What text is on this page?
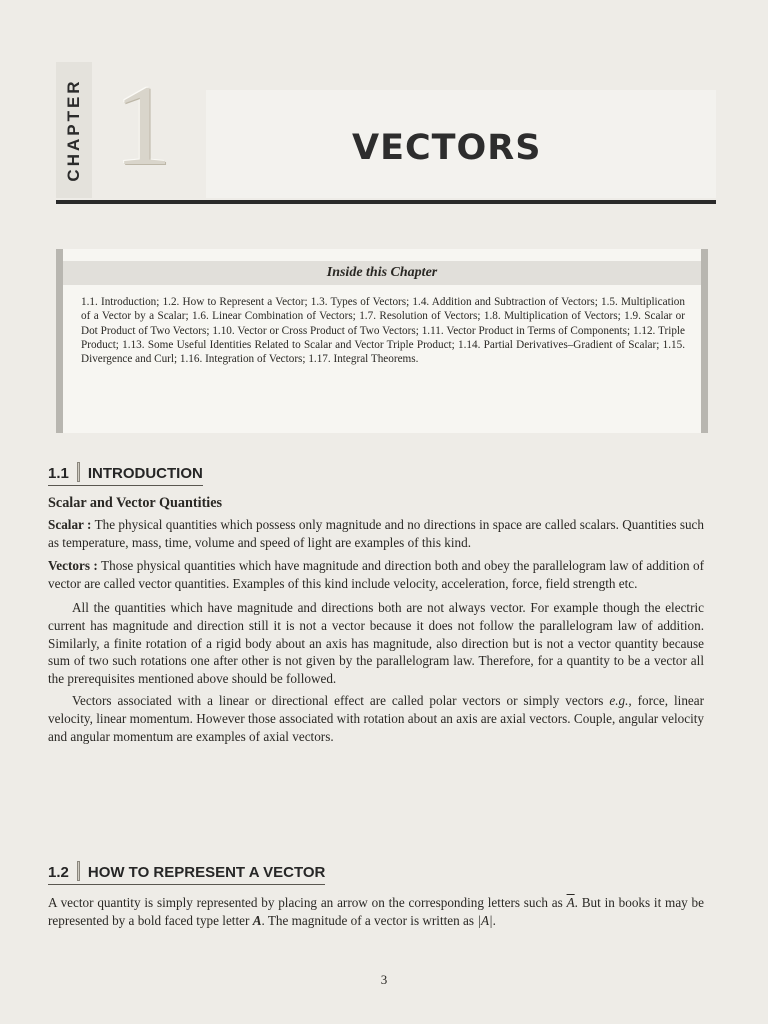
CHAPTER 1	VECTORS
Inside this Chapter
1.1. Introduction; 1.2. How to Represent a Vector; 1.3. Types of Vectors; 1.4. Addition and Subtraction of Vectors; 1.5. Multiplication of a Vector by a Scalar; 1.6. Linear Combination of Vectors; 1.7. Resolution of Vectors; 1.8. Multiplication of Vectors; 1.9. Scalar or Dot Product of Two Vectors; 1.10. Vector or Cross Product of Two Vectors; 1.11. Vector Product in Terms of Components; 1.12. Triple Product; 1.13. Some Useful Identities Related to Scalar and Vector Triple Product; 1.14. Partial Derivatives–Gradient of Scalar; 1.15. Divergence and Curl; 1.16. Integration of Vectors; 1.17. Integral Theorems.
1.1 INTRODUCTION
Scalar and Vector Quantities
Scalar : The physical quantities which possess only magnitude and no directions in space are called scalars. Quantities such as temperature, mass, time, volume and speed of light are examples of this kind.
Vectors : Those physical quantities which have magnitude and direction both and obey the parallelogram law of addition of vector are called vector quantities. Examples of this kind include velocity, acceleration, force, field strength etc.
All the quantities which have magnitude and directions both are not always vector. For example though the electric current has magnitude and direction still it is not a vector because it does not follow the parallelogram law of addition. Similarly, a finite rotation of a rigid body about an axis has magnitude, also direction but is not a vector quantity because sum of two such rotations one after other is not given by the parallelogram law. Therefore, for a quantity to be a vector all the prerequisites mentioned above should be followed.
Vectors associated with a linear or directional effect are called polar vectors or simply vectors e.g., force, linear velocity, linear momentum. However those associated with rotation about an axis are axial vectors. Couple, angular velocity and angular momentum are examples of axial vectors.
1.2 HOW TO REPRESENT A VECTOR
A vector quantity is simply represented by placing an arrow on the corresponding letters such as $\overline{A}$. But in books it may be represented by a bold faced type letter A. The magnitude of a vector is written as |A|.
3
